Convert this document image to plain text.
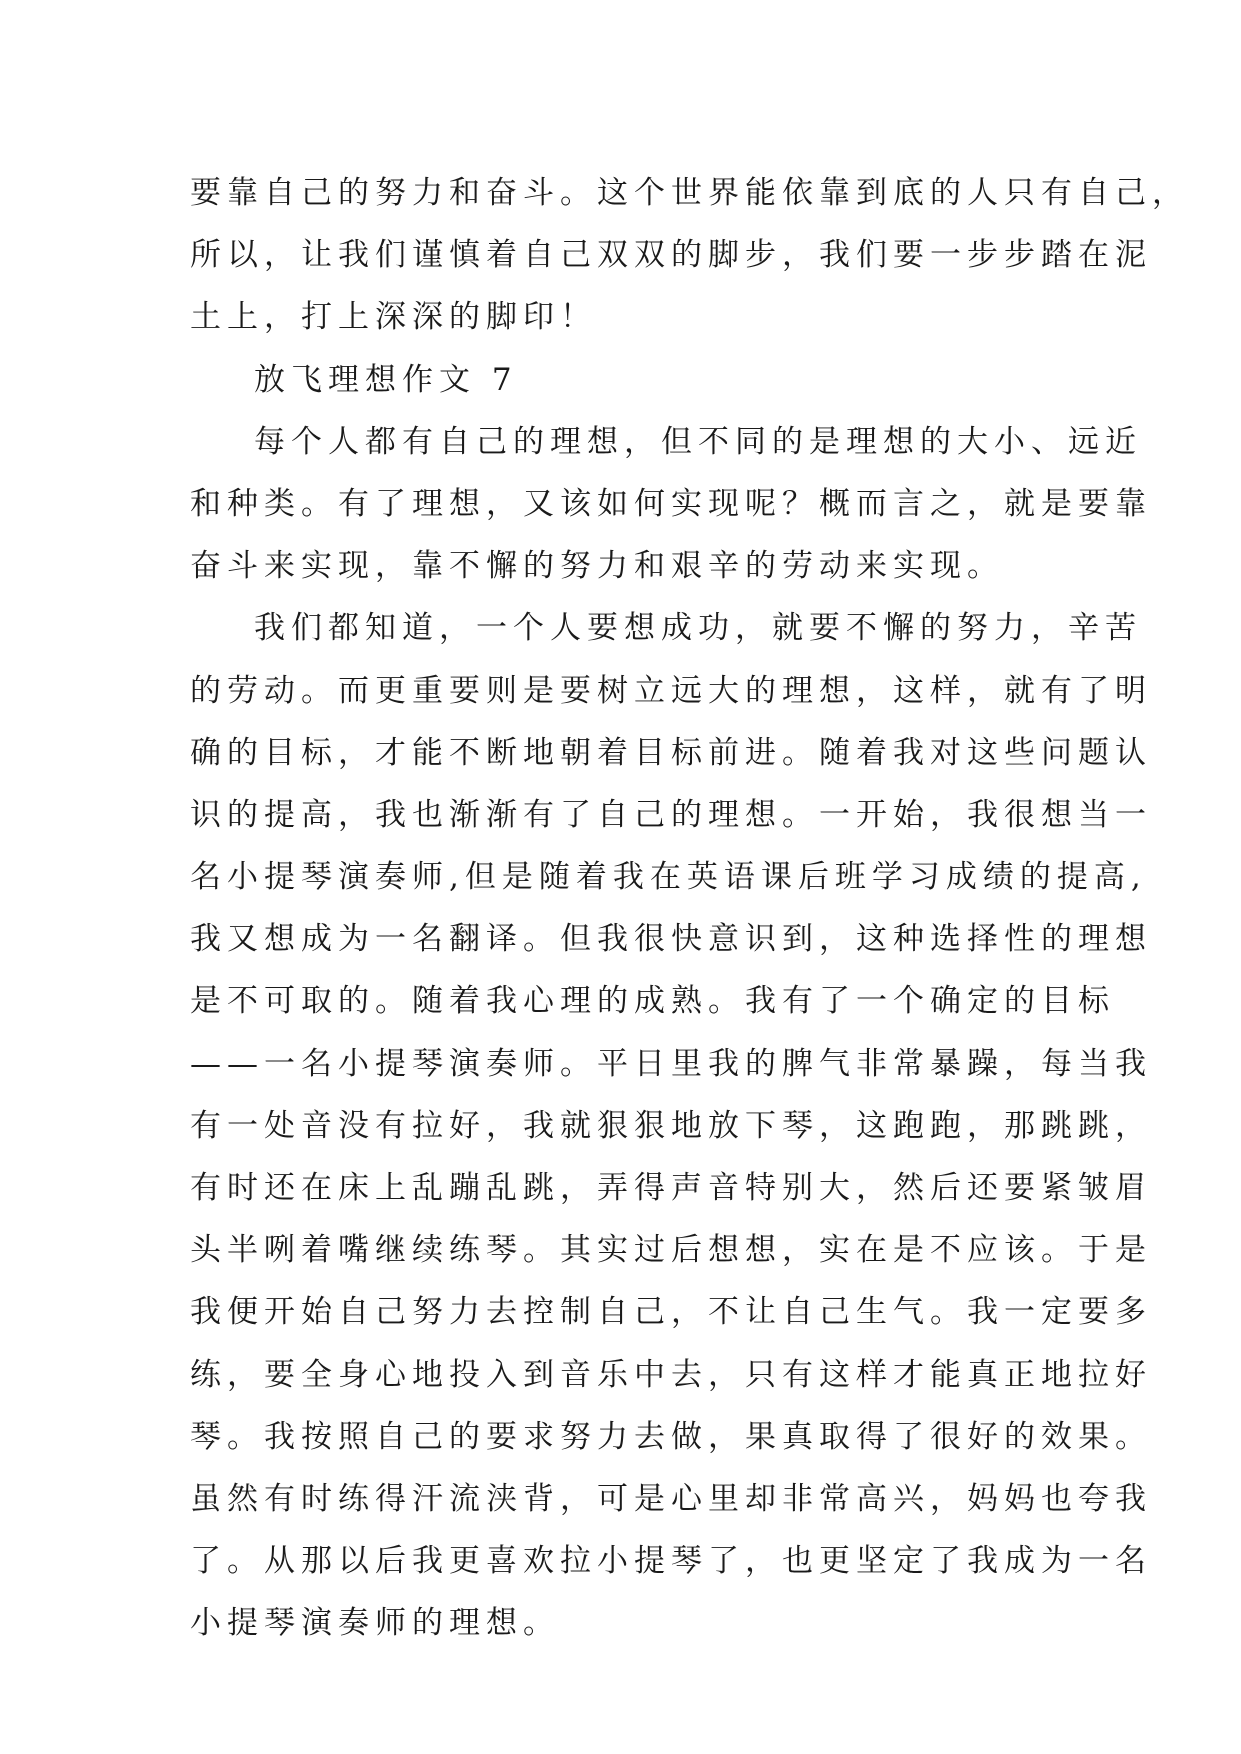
要靠自己的努力和奋斗。这个世界能依靠到底的人只有自己，
所以，让我们谨慎着自己双双的脚步，我们要一步步踏在泥
土上，打上深深的脚印！
放飞理想作文 7
每个人都有自己的理想，但不同的是理想的大小、远近
和种类。有了理想，又该如何实现呢？概而言之，就是要靠
奋斗来实现，靠不懈的努力和艰辛的劳动来实现。
我们都知道，一个人要想成功，就要不懈的努力，辛苦
的劳动。而更重要则是要树立远大的理想，这样，就有了明
确的目标，才能不断地朝着目标前进。随着我对这些问题认
识的提高，我也渐渐有了自己的理想。一开始，我很想当一
名小提琴演奏师,但是随着我在英语课后班学习成绩的提高,
我又想成为一名翻译。但我很快意识到，这种选择性的理想
是不可取的。随着我心理的成熟。我有了一个确定的目标
——一名小提琴演奏师。平日里我的脾气非常暴躁，每当我
有一处音没有拉好，我就狠狠地放下琴，这跑跑，那跳跳，
有时还在床上乱蹦乱跳，弄得声音特别大，然后还要紧皱眉
头半咧着嘴继续练琴。其实过后想想，实在是不应该。于是
我便开始自己努力去控制自己，不让自己生气。我一定要多
练，要全身心地投入到音乐中去，只有这样才能真正地拉好
琴。我按照自己的要求努力去做，果真取得了很好的效果。
虽然有时练得汗流浃背，可是心里却非常高兴，妈妈也夸我
了。从那以后我更喜欢拉小提琴了，也更坚定了我成为一名
小提琴演奏师的理想。
